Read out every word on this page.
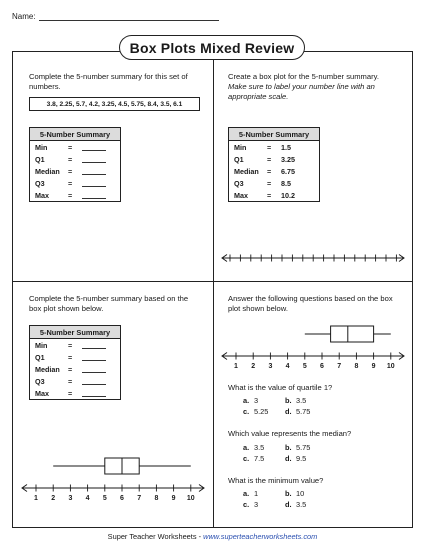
Name:
Box Plots Mixed Review
Complete the 5-number summary for this set of numbers.
3.8, 2.25, 5.7, 4.2, 3.25, 4.5, 5.75, 8.4, 3.5, 6.1
5-Number Summary
Min	=
Q1	=
Median	=
Q3	=
Max	=
Create a box plot for the 5-number summary.
Make sure to label your number line with an appropriate scale.
5-Number Summary
Min	=	1.5
Q1	=	3.25
Median	=	6.75
Q3	=	8.5
Max	=	10.2
Complete the 5-number summary based on the box plot shown below.
5-Number Summary
Min	=
Q1	=
Median	=
Q3	=
Max	=
1 2 3 4 5 6 7 8 9 10
Answer the following questions based on the box plot shown below.
1 2 3 4 5 6 7 8 9 10
What is the value of quartile 1?
a. 3	b. 3.5
c. 5.25 d. 5.75
Which value represents the median?
a. 3.5	b. 5.75
c. 7.5	d. 9.5
What is the minimum value?
a. 1	b. 10
c. 3	d. 3.5
Super Teacher Worksheets - www.superteacherworksheets.com
